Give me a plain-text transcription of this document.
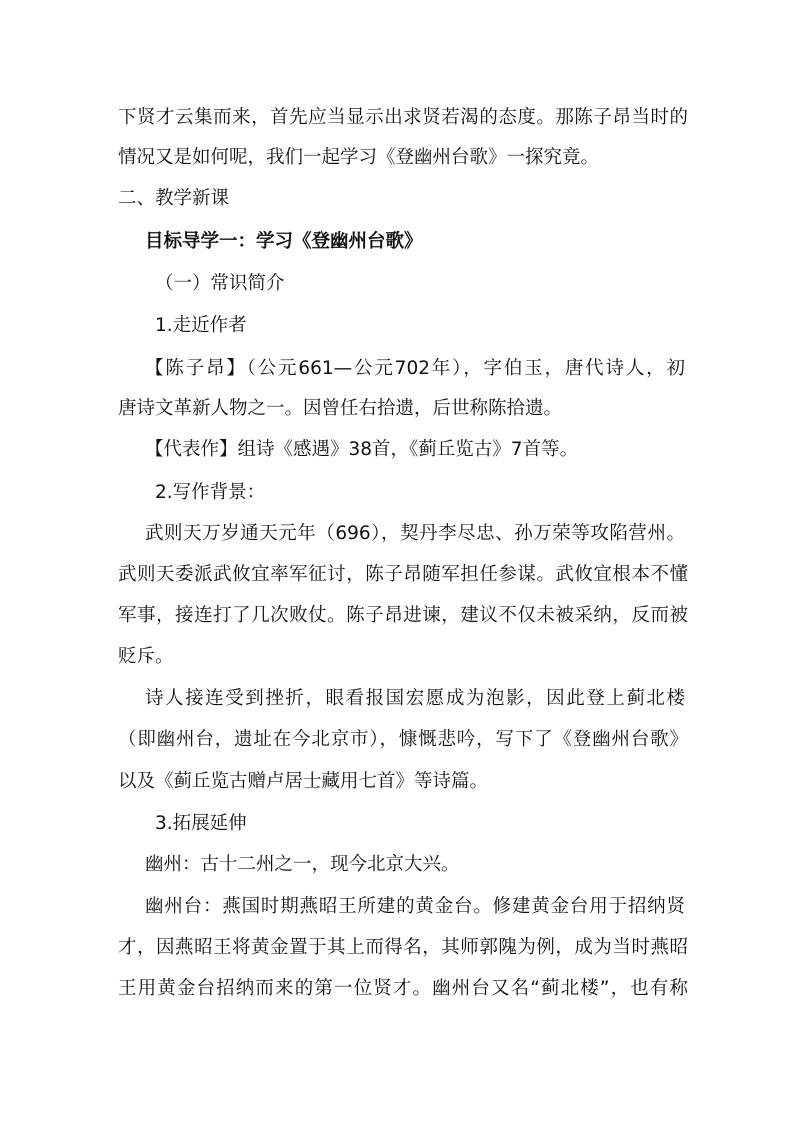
下贤才云集而来，首先应当显示出求贤若渴的态度。那陈子昂当时的
情况又是如何呢，我们一起学习《登幽州台歌》一探究竟。
二、教学新课
目标导学一：学习《登幽州台歌》
（一）常识简介
1.走近作者
【陈子昂】（公元661—公元702年），字伯玉，唐代诗人，初
唐诗文革新人物之一。因曾任右拾遗，后世称陈拾遗。
【代表作】组诗《感遇》38首，《蓟丘览古》7首等。
2.写作背景：
武则天万岁通天元年（696），契丹李尽忠、孙万荣等攻陷营州。
武则天委派武攸宜率军征讨，陈子昂随军担任参谋。武攸宜根本不懂
军事，接连打了几次败仗。陈子昂进谏，建议不仅未被采纳，反而被
贬斥。
诗人接连受到挫折，眼看报国宏愿成为泡影，因此登上蓟北楼
（即幽州台，遗址在今北京市），慷慨悲吟，写下了《登幽州台歌》
以及《蓟丘览古赠卢居士藏用七首》等诗篇。
3.拓展延伸
幽州：古十二州之一，现今北京大兴。
幽州台：燕国时期燕昭王所建的黄金台。修建黄金台用于招纳贤
才，因燕昭王将黄金置于其上而得名，其师郭隗为例，成为当时燕昭
王用黄金台招纳而来的第一位贤才。幽州台又名“蓟北楼”，也有称
